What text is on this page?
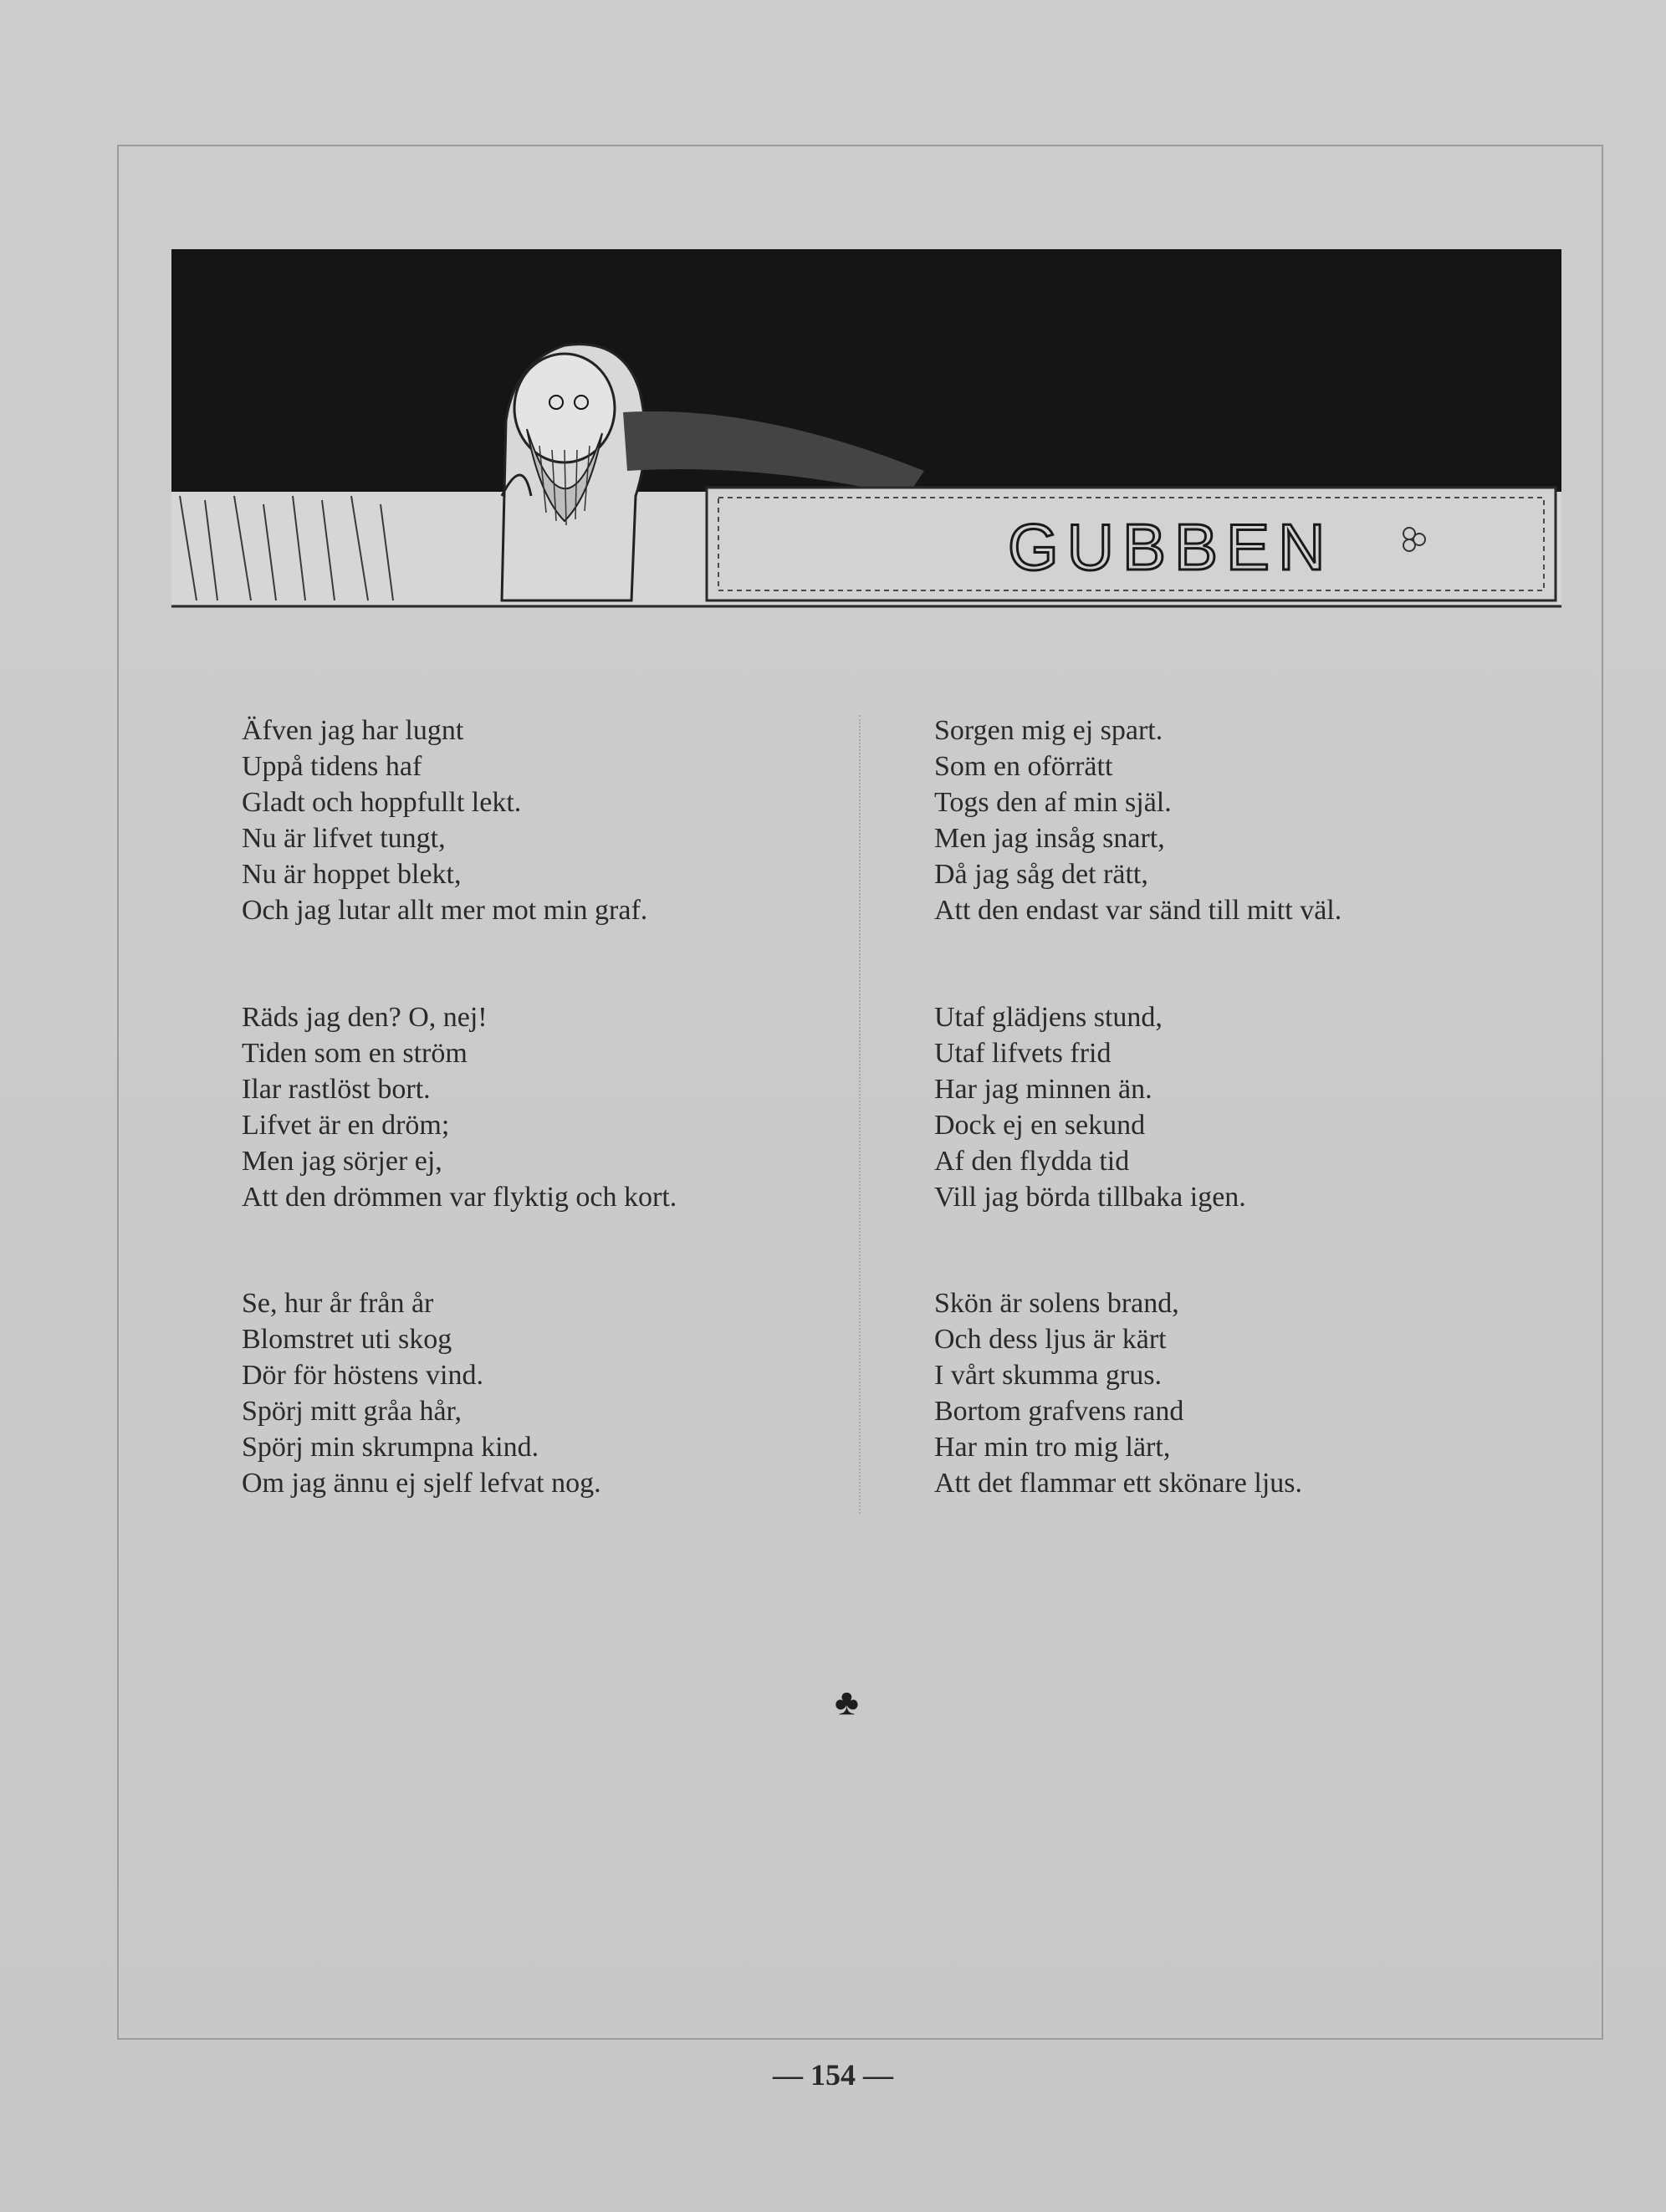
GUBBEN
Äfven jag har lugnt
Uppå tidens haf
Gladt och hoppfullt lekt.
Nu är lifvet tungt,
Nu är hoppet blekt,
Och jag lutar allt mer mot min graf.
Räds jag den? O, nej!
Tiden som en ström
Ilar rastlöst bort.
Lifvet är en dröm;
Men jag sörjer ej,
Att den drömmen var flyktig och kort.
Se, hur år från år
Blomstret uti skog
Dör för höstens vind.
Spörj mitt gråa hår,
Spörj min skrumpna kind.
Om jag ännu ej sjelf lefvat nog.
Sorgen mig ej spart.
Som en oförrätt
Togs den af min själ.
Men jag insåg snart,
Då jag såg det rätt,
Att den endast var sänd till mitt väl.
Utaf glädjens stund,
Utaf lifvets frid
Har jag minnen än.
Dock ej en sekund
Af den flydda tid
Vill jag börda tillbaka igen.
Skön är solens brand,
Och dess ljus är kärt
I vårt skumma grus.
Bortom grafvens rand
Har min tro mig lärt,
Att det flammar ett skönare ljus.
♣
— 154 —
